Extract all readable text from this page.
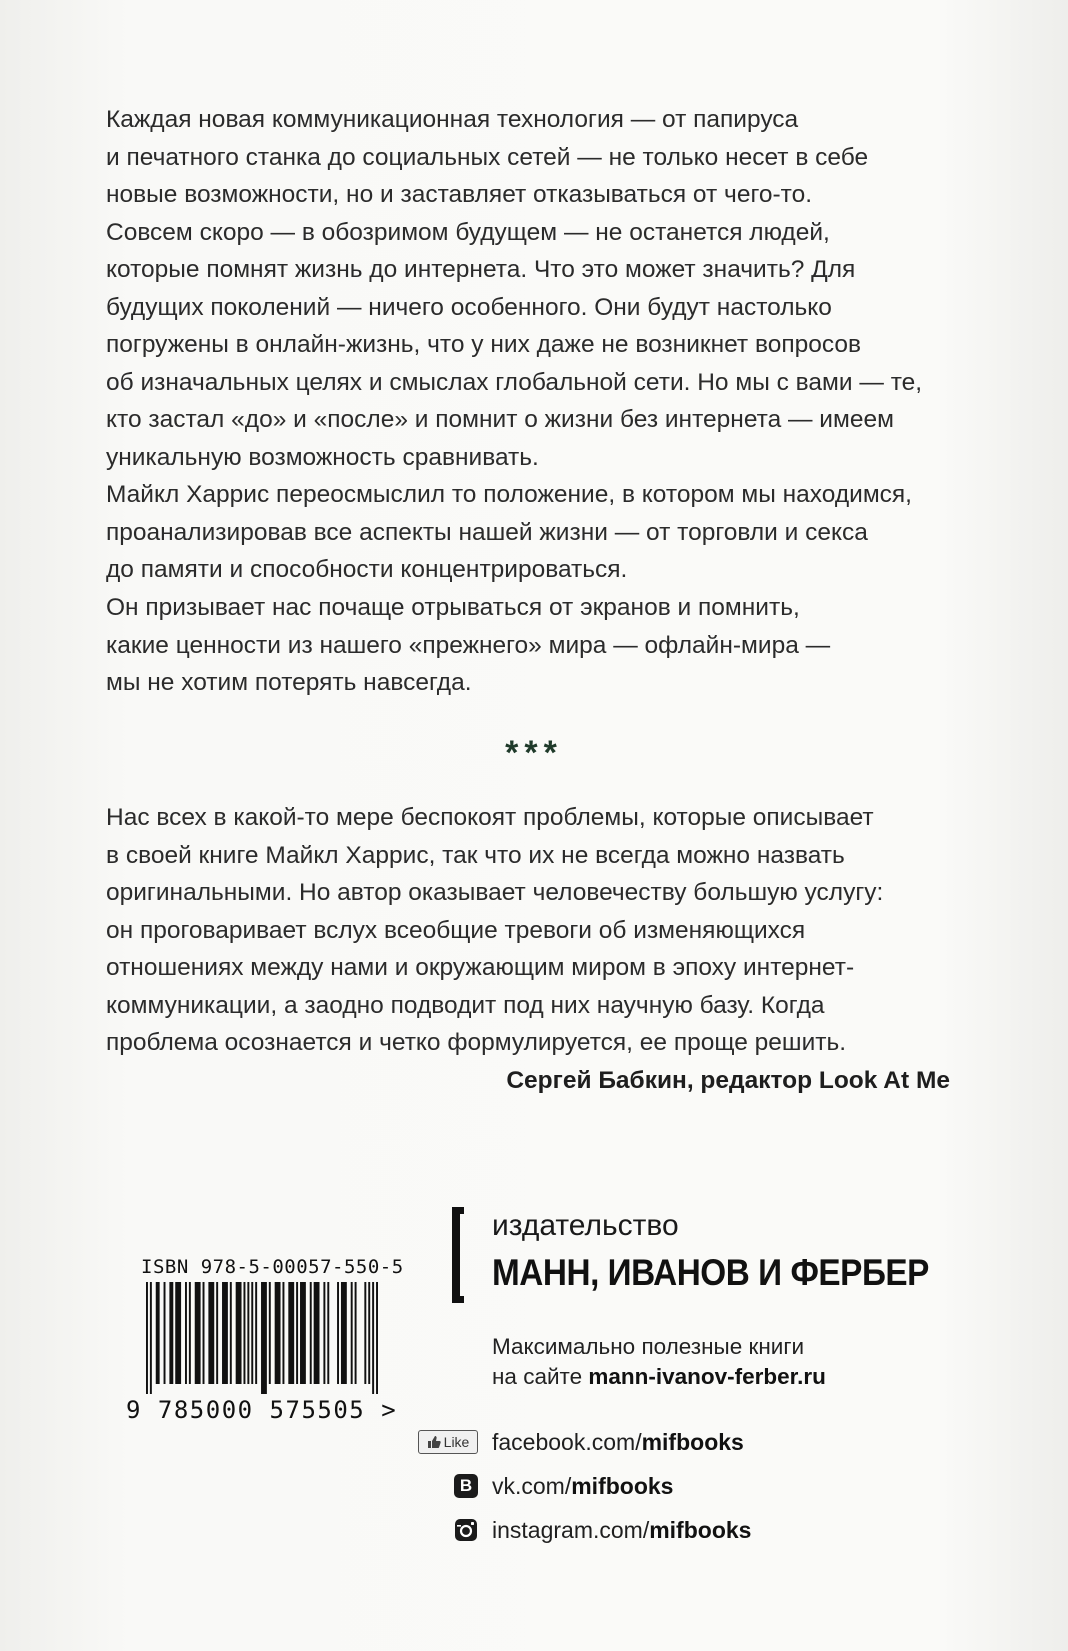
Каждая новая коммуникационная технология — от папируса
и печатного станка до социальных сетей — не только несет в себе
новые возможности, но и заставляет отказываться от чего-то.
Совсем скоро — в обозримом будущем — не останется людей,
которые помнят жизнь до интернета. Что это может значить? Для
будущих поколений — ничего особенного. Они будут настолько
погружены в онлайн-жизнь, что у них даже не возникнет вопросов
об изначальных целях и смыслах глобальной сети. Но мы с вами — те,
кто застал «до» и «после» и помнит о жизни без интернета — имеем
уникальную возможность сравнивать.
Майкл Харрис переосмыслил то положение, в котором мы находимся,
проанализировав все аспекты нашей жизни — от торговли и секса
до памяти и способности концентрироваться.
Он призывает нас почаще отрываться от экранов и помнить,
какие ценности из нашего «прежнего» мира — офлайн-мира —
мы не хотим потерять навсегда.
***
Нас всех в какой-то мере беспокоят проблемы, которые описывает
в своей книге Майкл Харрис, так что их не всегда можно назвать
оригинальными. Но автор оказывает человечеству большую услугу:
он проговаривает вслух всеобщие тревоги об изменяющихся
отношениях между нами и окружающим миром в эпоху интернет-
коммуникации, а заодно подводит под них научную базу. Когда
проблема осознается и четко формулируется, ее проще решить.
Сергей Бабкин, редактор Look At Me
ISBN 978-5-00057-550-5
9 785000 575505 >
издательство
МАНН, ИВАНОВ И ФЕРБЕР
Максимально полезные книги
на сайте mann-ivanov-ferber.ru
Like facebook.com/mifbooks
B vk.com/mifbooks
instagram.com/mifbooks
